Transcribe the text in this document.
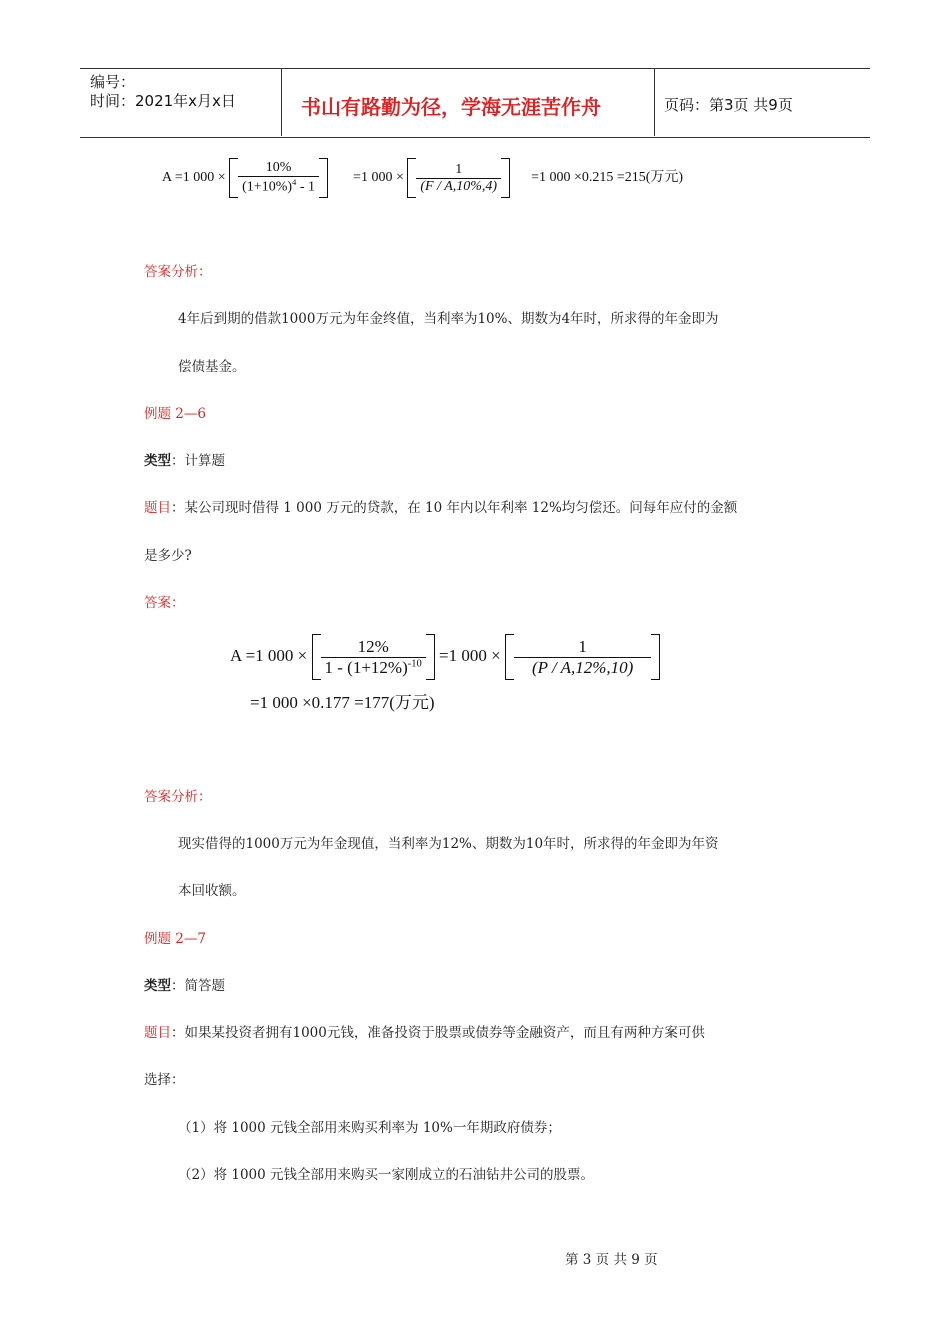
编号：
时间：2021年x月x日	书山有路勤为径，学海无涯苦作舟	页码：第3页 共9页
A =1 $000 \times \frac{10\%}{(1+10\%)^4 - 1} =1$ $000 \times \frac{1}{(F / A,10\%,4)} =1$ 000 ×0.215 =215(万元)
答案分析：
4年后到期的借款1000万元为年金终值，当利率为10%、期数为4年时，所求得的年金即为
偿债基金。
例题 2—6
类型：计算题
题目：某公司现时借得 1 000 万元的贷款，在 10 年内以年利率 12%均匀偿还。问每年应付的金额
是多少?
答案：
A =1 $000 \times \frac{12\%}{1 - (1+12\%)^{-10}} =1$ $000 \times \frac{1}{(P / A,12\%,10)}$
=1 000 ×0.177 =177(万元)
答案分析：
现实借得的1000万元为年金现值，当利率为12%、期数为10年时，所求得的年金即为年资
本回收额。
例题 2—7
类型：简答题
题目：如果某投资者拥有1000元钱，准备投资于股票或债券等金融资产，而且有两种方案可供
选择：
（1）将 1000 元钱全部用来购买利率为 10%一年期政府债券；
（2）将 1000 元钱全部用来购买一家刚成立的石油钻井公司的股票。
第 3 页 共 9 页
